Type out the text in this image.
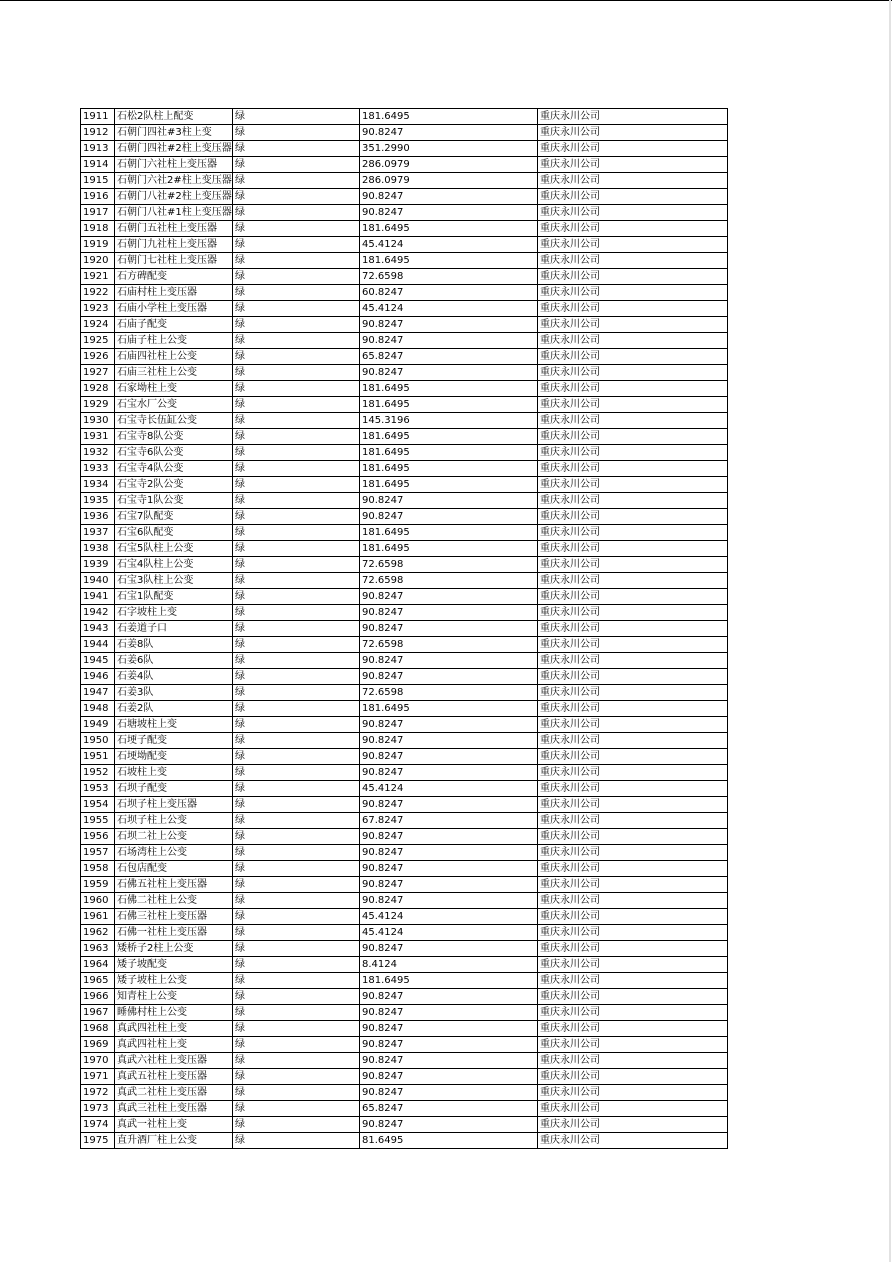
1911	石松2队柱上配变	绿	181.6495	重庆永川公司
1912	石朝门四社#3柱上变	绿	90.8247	重庆永川公司
1913	石朝门四社#2柱上变压器	绿	351.2990	重庆永川公司
1914	石朝门六社柱上变压器	绿	286.0979	重庆永川公司
1915	石朝门六社2#柱上变压器	绿	286.0979	重庆永川公司
1916	石朝门八社#2柱上变压器	绿	90.8247	重庆永川公司
1917	石朝门八社#1柱上变压器	绿	90.8247	重庆永川公司
1918	石朝门五社柱上变压器	绿	181.6495	重庆永川公司
1919	石朝门九社柱上变压器	绿	45.4124	重庆永川公司
1920	石朝门七社柱上变压器	绿	181.6495	重庆永川公司
1921	石方碑配变	绿	72.6598	重庆永川公司
1922	石庙村柱上变压器	绿	60.8247	重庆永川公司
1923	石庙小学柱上变压器	绿	45.4124	重庆永川公司
1924	石庙子配变	绿	90.8247	重庆永川公司
1925	石庙子柱上公变	绿	90.8247	重庆永川公司
1926	石庙四社柱上公变	绿	65.8247	重庆永川公司
1927	石庙三社柱上公变	绿	90.8247	重庆永川公司
1928	石家坳柱上变	绿	181.6495	重庆永川公司
1929	石宝水厂公变	绿	181.6495	重庆永川公司
1930	石宝寺长伍缸公变	绿	145.3196	重庆永川公司
1931	石宝寺8队公变	绿	181.6495	重庆永川公司
1932	石宝寺6队公变	绿	181.6495	重庆永川公司
1933	石宝寺4队公变	绿	181.6495	重庆永川公司
1934	石宝寺2队公变	绿	181.6495	重庆永川公司
1935	石宝寺1队公变	绿	90.8247	重庆永川公司
1936	石宝7队配变	绿	90.8247	重庆永川公司
1937	石宝6队配变	绿	181.6495	重庆永川公司
1938	石宝5队柱上公变	绿	181.6495	重庆永川公司
1939	石宝4队柱上公变	绿	72.6598	重庆永川公司
1940	石宝3队柱上公变	绿	72.6598	重庆永川公司
1941	石宝1队配变	绿	90.8247	重庆永川公司
1942	石字坡柱上变	绿	90.8247	重庆永川公司
1943	石姜道子口	绿	90.8247	重庆永川公司
1944	石姜8队	绿	72.6598	重庆永川公司
1945	石姜6队	绿	90.8247	重庆永川公司
1946	石姜4队	绿	90.8247	重庆永川公司
1947	石姜3队	绿	72.6598	重庆永川公司
1948	石姜2队	绿	181.6495	重庆永川公司
1949	石塘坡柱上变	绿	90.8247	重庆永川公司
1950	石埂子配变	绿	90.8247	重庆永川公司
1951	石埂坳配变	绿	90.8247	重庆永川公司
1952	石坡柱上变	绿	90.8247	重庆永川公司
1953	石坝子配变	绿	45.4124	重庆永川公司
1954	石坝子柱上变压器	绿	90.8247	重庆永川公司
1955	石坝子柱上公变	绿	67.8247	重庆永川公司
1956	石坝二社上公变	绿	90.8247	重庆永川公司
1957	石场湾柱上公变	绿	90.8247	重庆永川公司
1958	石包店配变	绿	90.8247	重庆永川公司
1959	石佛五社柱上变压器	绿	90.8247	重庆永川公司
1960	石佛二社柱上公变	绿	90.8247	重庆永川公司
1961	石佛三社柱上变压器	绿	45.4124	重庆永川公司
1962	石佛一社柱上变压器	绿	45.4124	重庆永川公司
1963	矮桥子2柱上公变	绿	90.8247	重庆永川公司
1964	矮子坡配变	绿	8.4124	重庆永川公司
1965	矮子坡柱上公变	绿	181.6495	重庆永川公司
1966	知青柱上公变	绿	90.8247	重庆永川公司
1967	睡佛村柱上公变	绿	90.8247	重庆永川公司
1968	真武四社柱上变	绿	90.8247	重庆永川公司
1969	真武四社柱上变	绿	90.8247	重庆永川公司
1970	真武六社柱上变压器	绿	90.8247	重庆永川公司
1971	真武五社柱上变压器	绿	90.8247	重庆永川公司
1972	真武二社柱上变压器	绿	90.8247	重庆永川公司
1973	真武三社柱上变压器	绿	65.8247	重庆永川公司
1974	真武一社柱上变	绿	90.8247	重庆永川公司
1975	直升酒厂柱上公变	绿	81.6495	重庆永川公司
